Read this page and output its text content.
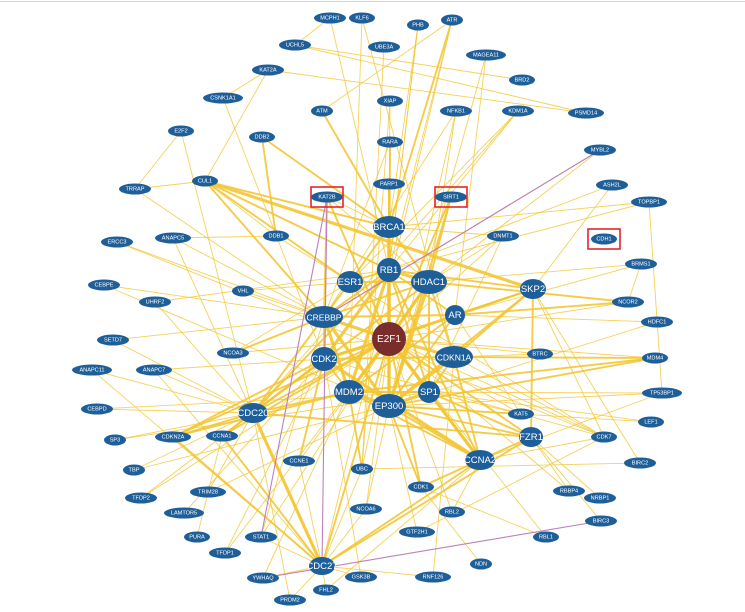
MCPH1	KLF6
PHB
ATR
UCHL5	UBE3A
MAGEA11
KAT2A
BRD2
CSNK1A1	XIAP
PSMD14
ATM	NFKB1	KDM1A
E2F2
DDB2
RARA
MYBL2
CUL1	PARP1	ASH2L
TRRAP
KAT2B	SIRT1
BRCA1
TOPBP1
ERCC3
ANAPC5	DDB1	DNMT1	CDH1
RB1
BRMS1
CEBPE	ESR1	HDAC1
SKP2
UHRF2
VHL
NCOR2
CREBBP	AR
HDFC1
SETD7	E2F1
NCOA3	BTRC
CDK2	CDKN1A	MDM4
ANAPC11	ANAPC7
TP53BP1
MDM2	SP1
EP300
CEBPD	CDC20	KAT5
LEF1
SP3	CDKN2A	CCNA1	FZR1	CDK7
CCNA2
TBP
CCNE1
UBC
BIRC2
TFDP2
TRIM28
CDK1
RBBP4
NRBP1
LAMTOR5
NCOA6	RBL2
BIRC3
PURA	STAT1
GTF2H1
RBL1
TFDP1
YWHAQ
CDC27	NDN
GSK3B	RNF126
FHL2
PRDM2
